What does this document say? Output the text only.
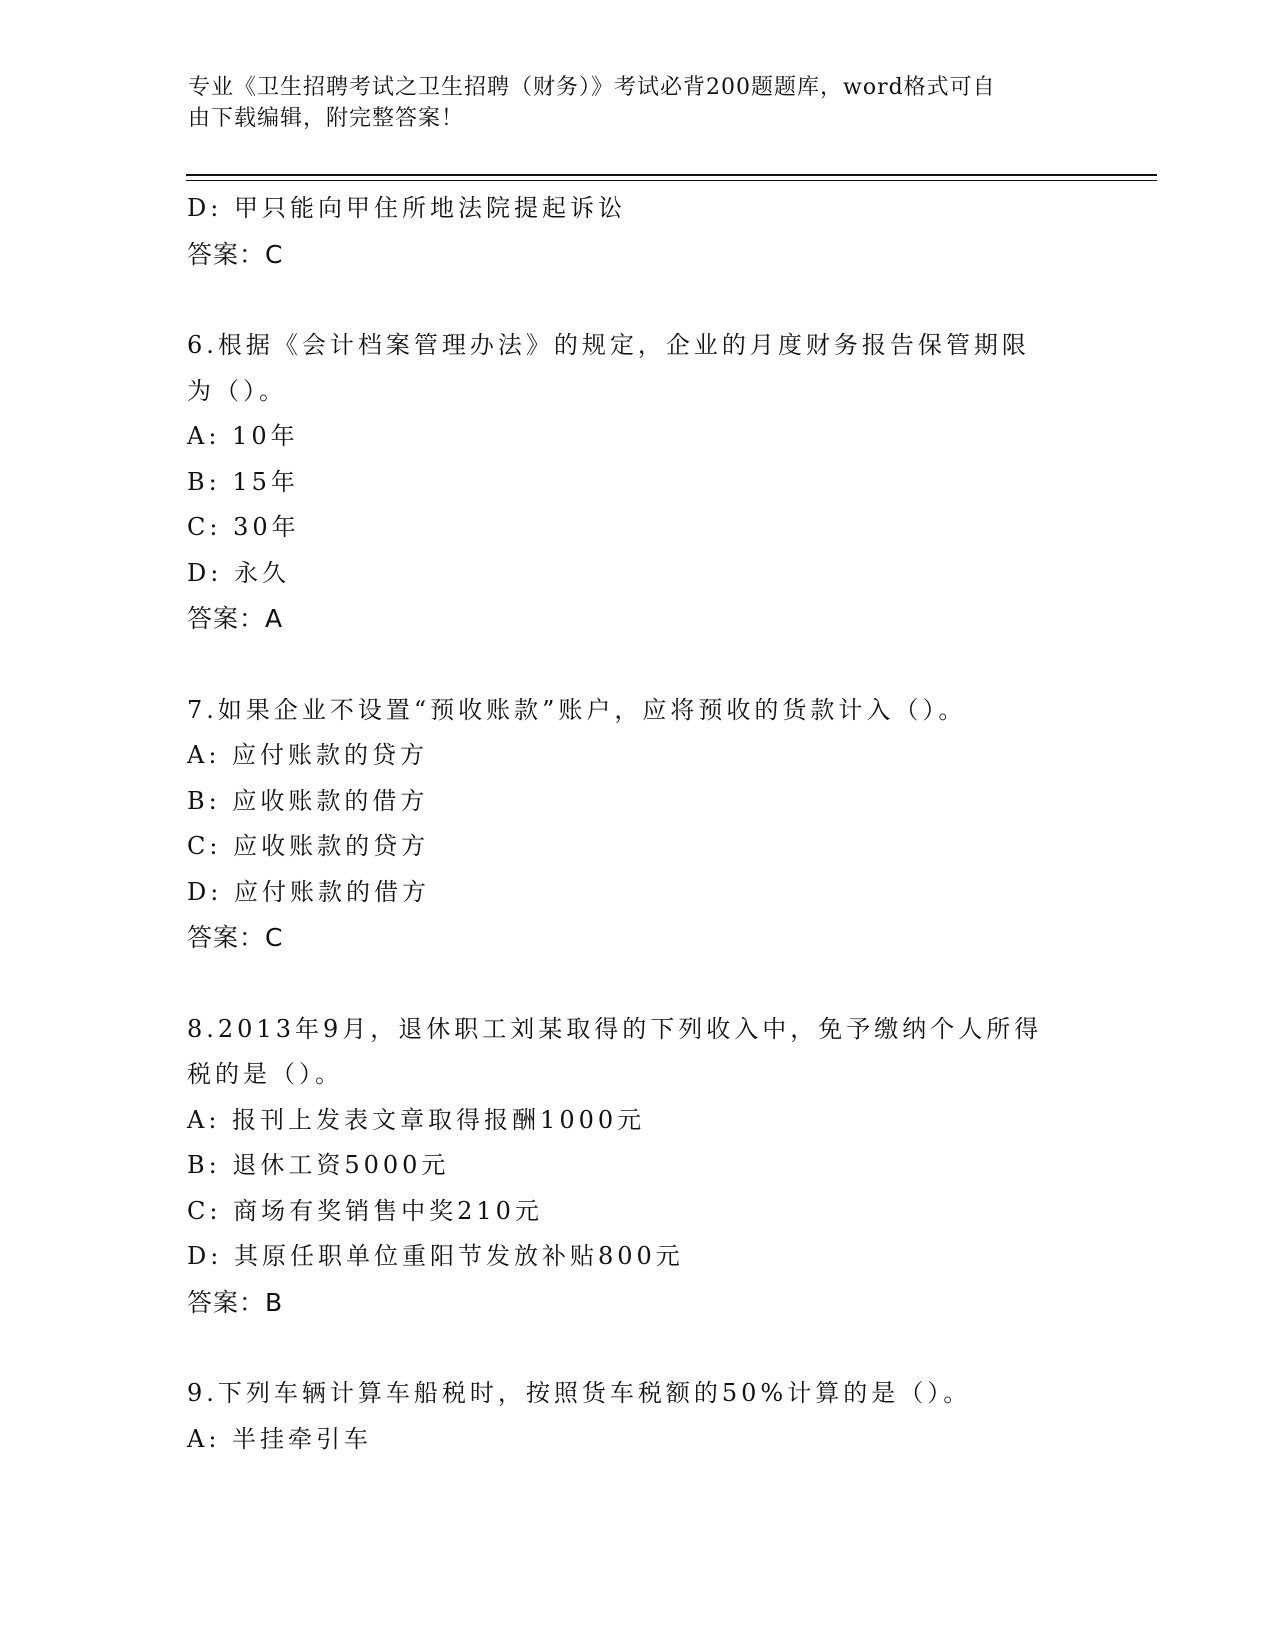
专业《卫生招聘考试之卫生招聘（财务）》考试必背200题题库，word格式可自
由下载编辑，附完整答案！
D: 甲只能向甲住所地法院提起诉讼
答案：C
6.根据《会计档案管理办法》的规定，企业的月度财务报告保管期限
为（）。
A: 10年
B: 15年
C: 30年
D: 永久
答案：A
7.如果企业不设置“预收账款”账户，应将预收的货款计入（）。
A: 应付账款的贷方
B: 应收账款的借方
C: 应收账款的贷方
D: 应付账款的借方
答案：C
8.2013年9月，退休职工刘某取得的下列收入中，免予缴纳个人所得
税的是（）。
A: 报刊上发表文章取得报酬1000元
B: 退休工资5000元
C: 商场有奖销售中奖210元
D: 其原任职单位重阳节发放补贴800元
答案：B
9.下列车辆计算车船税时，按照货车税额的50%计算的是（）。
A: 半挂牵引车
